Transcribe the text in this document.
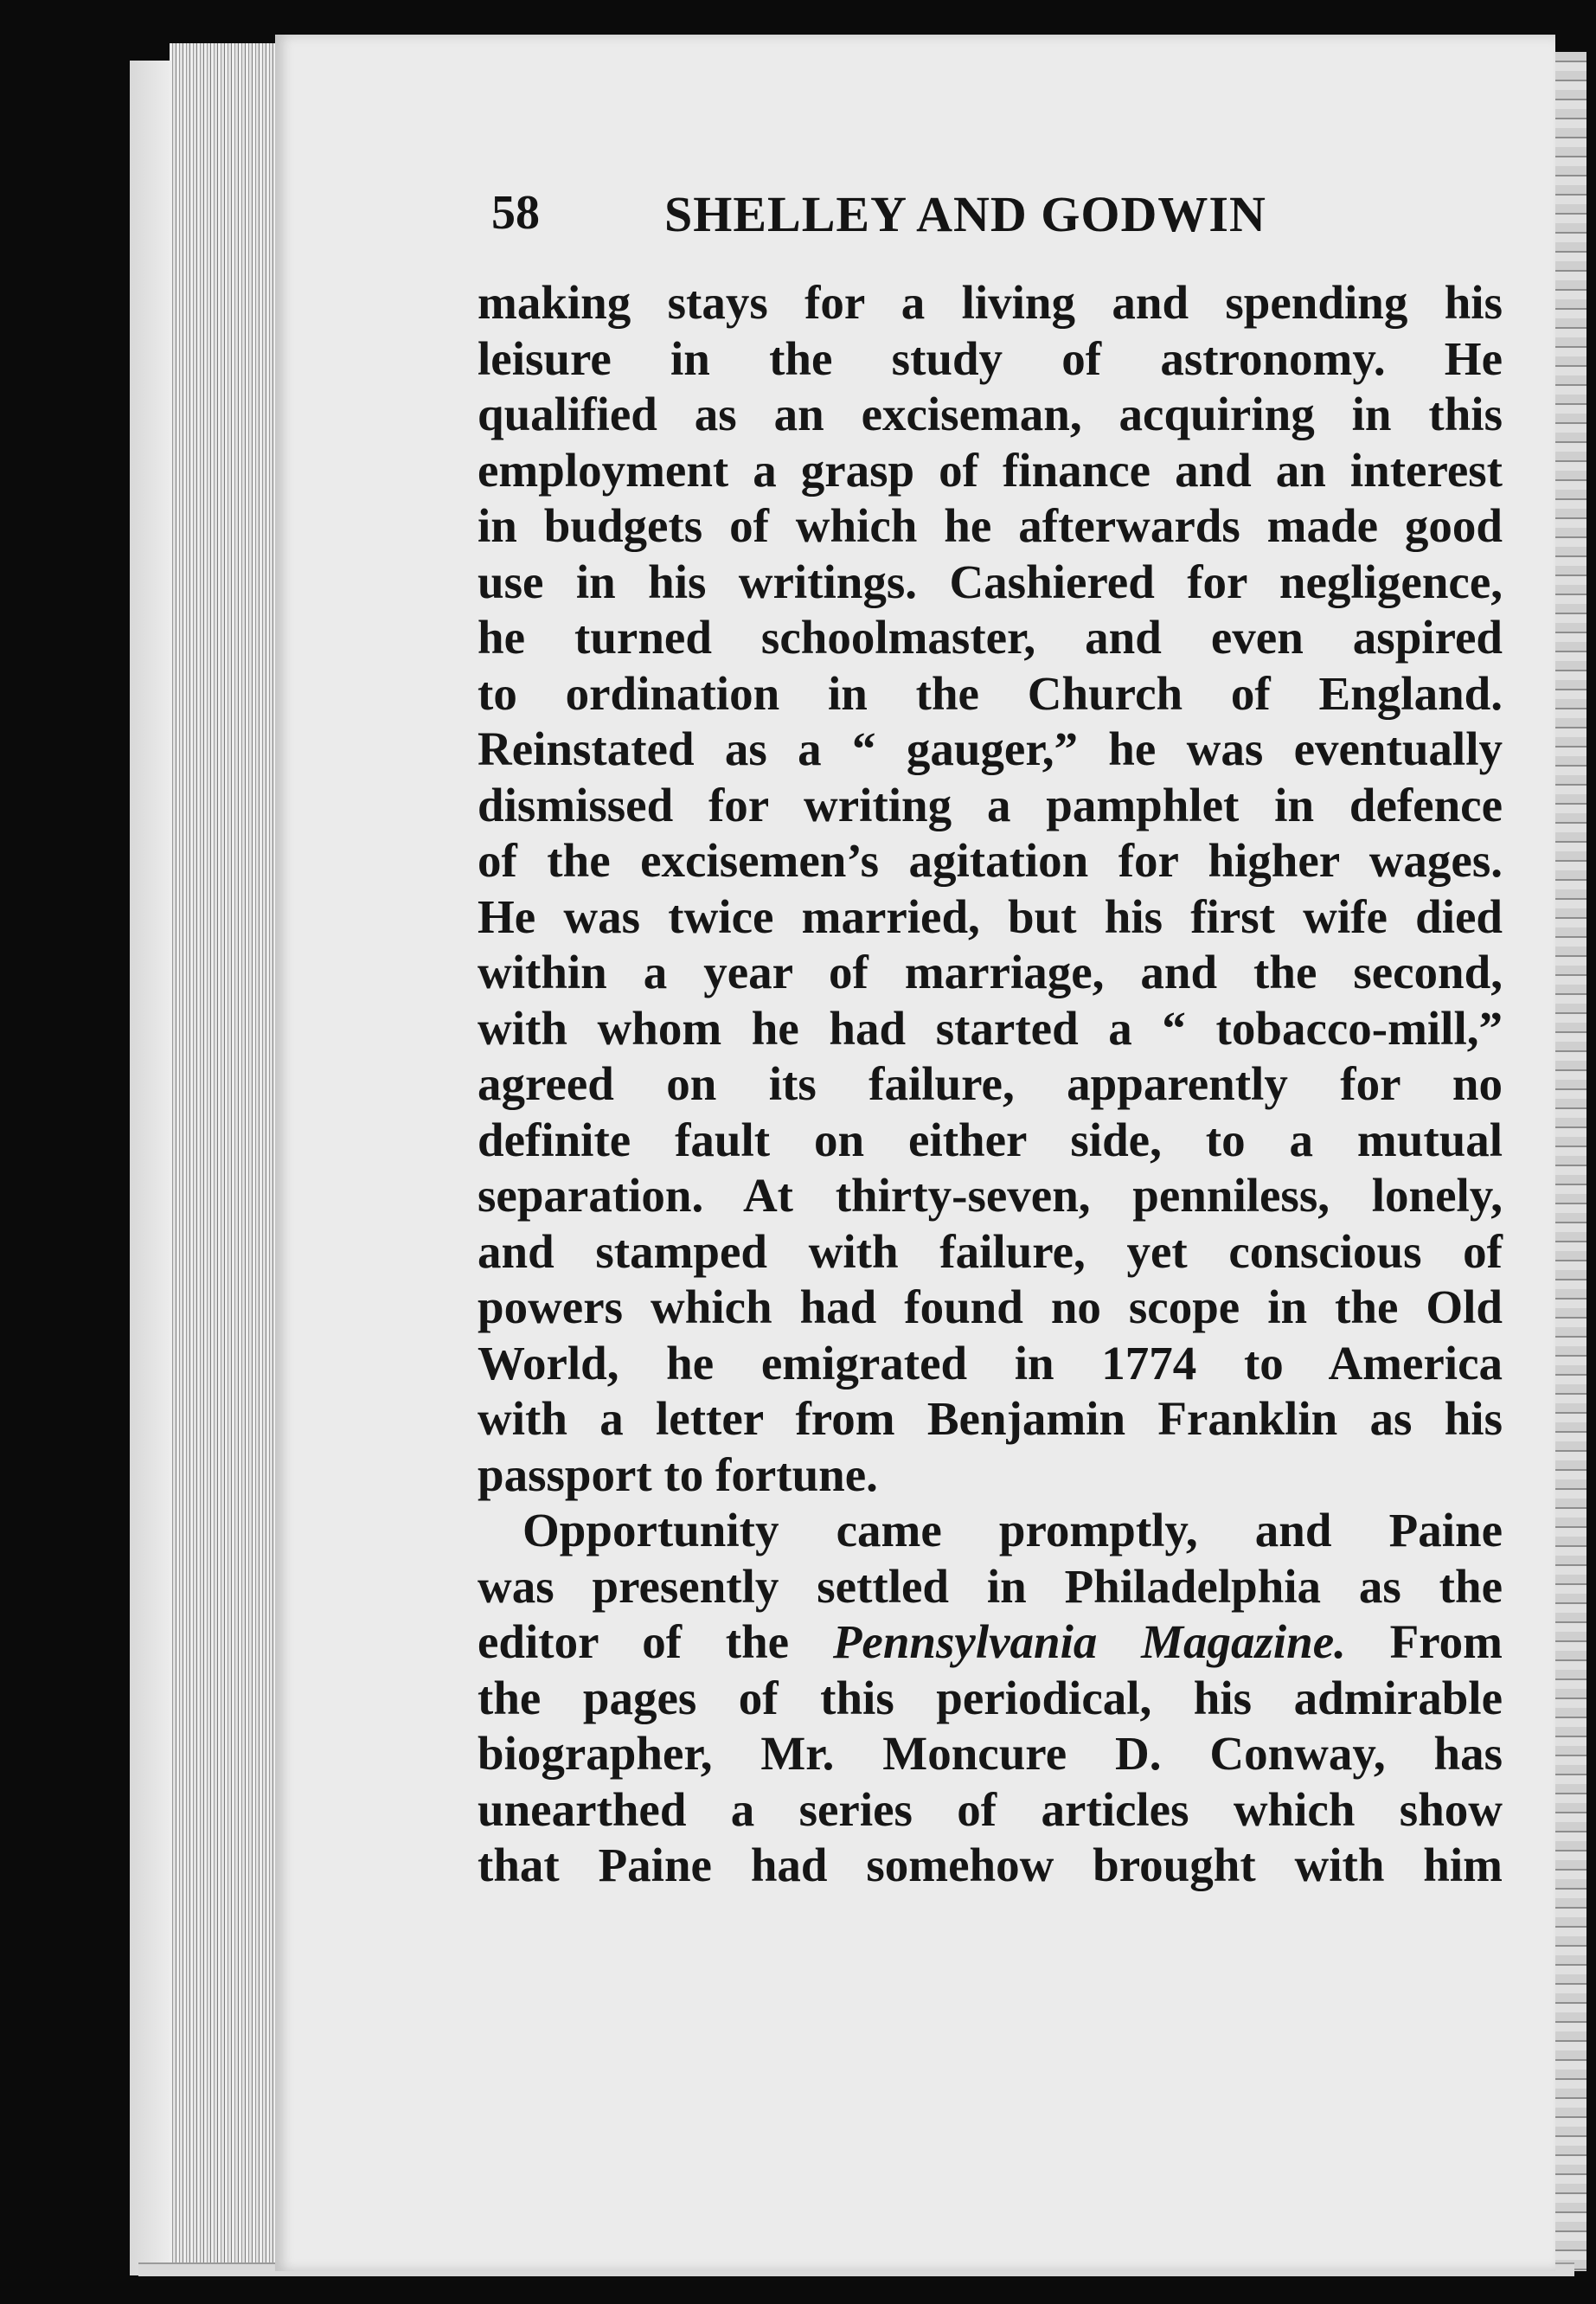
58 SHELLEY AND GODWIN
making stays for a living and spending his
leisure in the study of astronomy. He
qualified as an exciseman, acquiring in this
employment a grasp of finance and an interest
in budgets of which he afterwards made good
use in his writings. Cashiered for negligence,
he turned schoolmaster, and even aspired
to ordination in the Church of England.
Reinstated as a “ gauger,” he was eventually
dismissed for writing a pamphlet in defence
of the excisemen’s agitation for higher wages.
He was twice married, but his first wife died
within a year of marriage, and the second,
with whom he had started a “ tobacco-mill,”
agreed on its failure, apparently for no
definite fault on either side, to a mutual
separation. At thirty-seven, penniless, lonely,
and stamped with failure, yet conscious of
powers which had found no scope in the Old
World, he emigrated in 1774 to America
with a letter from Benjamin Franklin as his
passport to fortune.
Opportunity came promptly, and Paine
was presently settled in Philadelphia as the
editor of the Pennsylvania Magazine. From
the pages of this periodical, his admirable
biographer, Mr. Moncure D. Conway, has
unearthed a series of articles which show
that Paine had somehow brought with him
